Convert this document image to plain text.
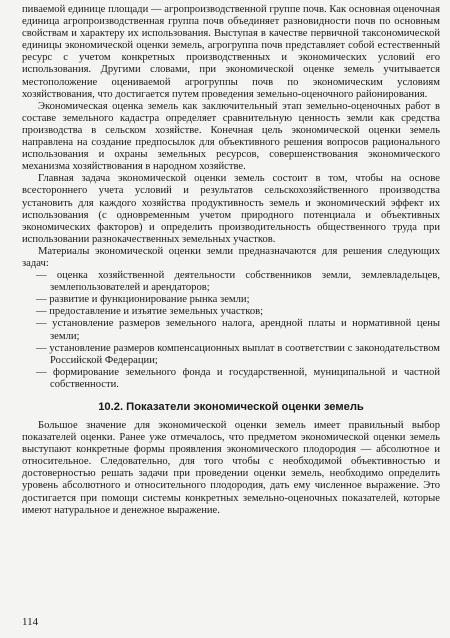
пиваемой единице площади — агропроизводственной группе почв. Как основная оценочная единица агропроизводственная группа почв объединяет разновидности почв по основным свойствам и характеру их использования. Выступая в качестве первичной таксономической единицы экономической оценки земель, агрогруппа почв представляет собой естественный ресурс с учетом конкретных производственных и экономических условий его использования. Другими словами, при экономической оценке земель учитывается местоположение оцениваемой агрогруппы почв по экономическим условиям хозяйствования, что достигается путем проведения земельно-оценочного районирования.

Экономическая оценка земель как заключительный этап земельно-оценочных работ в составе земельного кадастра определяет сравнительную ценность земли как средства производства в сельском хозяйстве. Конечная цель экономической оценки земель направлена на создание предпосылок для объективного решения вопросов рационального использования и охраны земельных ресурсов, совершенствования экономического механизма хозяйствования в народном хозяйстве.

Главная задача экономической оценки земель состоит в том, чтобы на основе всестороннего учета условий и результатов сельскохозяйственного производства установить для каждого хозяйства продуктивность земель и экономический эффект их использования (с одновременным учетом природного потенциала и объективных экономических факторов) и определить производительность общественного труда при использовании разнокачественных земельных участков.

Материалы экономической оценки земли предназначаются для решения следующих задач:

— оценка хозяйственной деятельности собственников земли, землевладельцев, землепользователей и арендаторов;
— развитие и функционирование рынка земли;
— предоставление и изъятие земельных участков;
— установление размеров земельного налога, арендной платы и нормативной цены земли;
— установление размеров компенсационных выплат в соответствии с законодательством Российской Федерации;
— формирование земельного фонда и государственной, муниципальной и частной собственности.
10.2. Показатели экономической оценки земель

Большое значение для экономической оценки земель имеет правильный выбор показателей оценки. Ранее уже отмечалось, что предметом экономической оценки земель выступают конкретные формы проявления экономического плодородия — абсолютное и относительное. Следовательно, для того чтобы с необходимой объективностью и достоверностью решать задачи при проведении оценки земель, необходимо определить уровень абсолютного и относительного плодородия, дать ему численное выражение. Это достигается при помощи системы конкретных земельно-оценочных показателей, которые имеют натуральное и денежное выражение.

114
